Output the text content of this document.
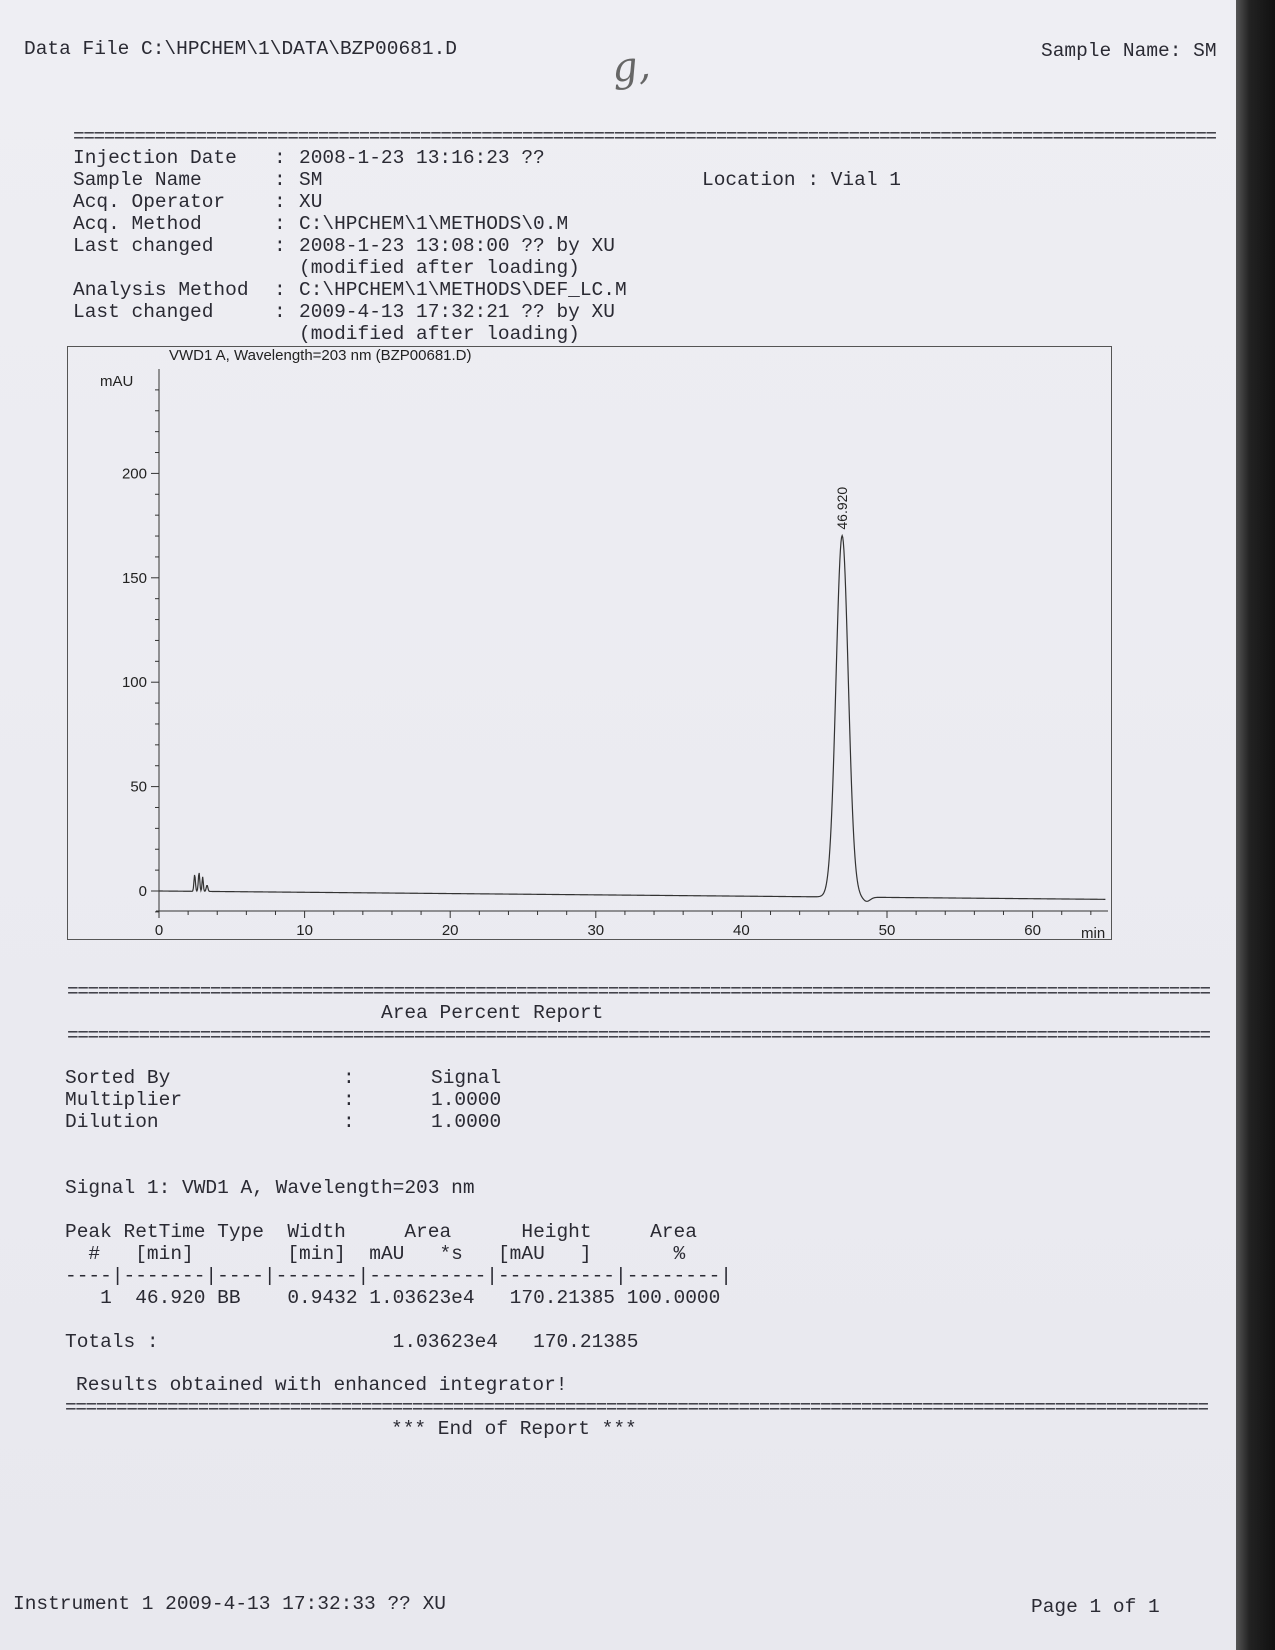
Data File C:\HPCHEM\1\DATA\BZP00681.D	Sample Name: SM
g,
================================================================================================================
Injection Date : 2008-1-23 13:16:23 ??
Sample Name	: SM
Acq. Operator	: XU
Acq. Method	: C:\HPCHEM\1\METHODS\0.M
Last changed	: 2008-1-23 13:08:00 ?? by XU
(modified after loading)
Analysis Method : C:\HPCHEM\1\METHODS\DEF_LC.M
Last changed	: 2009-4-13 17:32:21 ?? by XU
(modified after loading)
Location : Vial 1
VWD1 A, Wavelength=203 nm (BZP00681.D)
mAU
min
0
50
100
150
200
0	10	20	30	40	50	60
46.920
================================================================================================================
Area Percent Report
================================================================================================================
Sorted By	:	Signal
Multiplier	:	1.0000
Dilution	:	1.0000
Signal 1: VWD1 A, Wavelength=203 nm
Peak RetTime Type  Width     Area      Height     Area
#   [min]        [min]  mAU   *s   [mAU   ]       %
----|-------|----|-------|----------|----------|--------|
1  46.920 BB    0.9432 1.03623e4   170.21385 100.0000
Totals :                    1.03623e4   170.21385
Results obtained with enhanced integrator!
================================================================================================================
*** End of Report ***
Instrument 1 2009-4-13 17:32:33 ?? XU	Page 1 of 1
